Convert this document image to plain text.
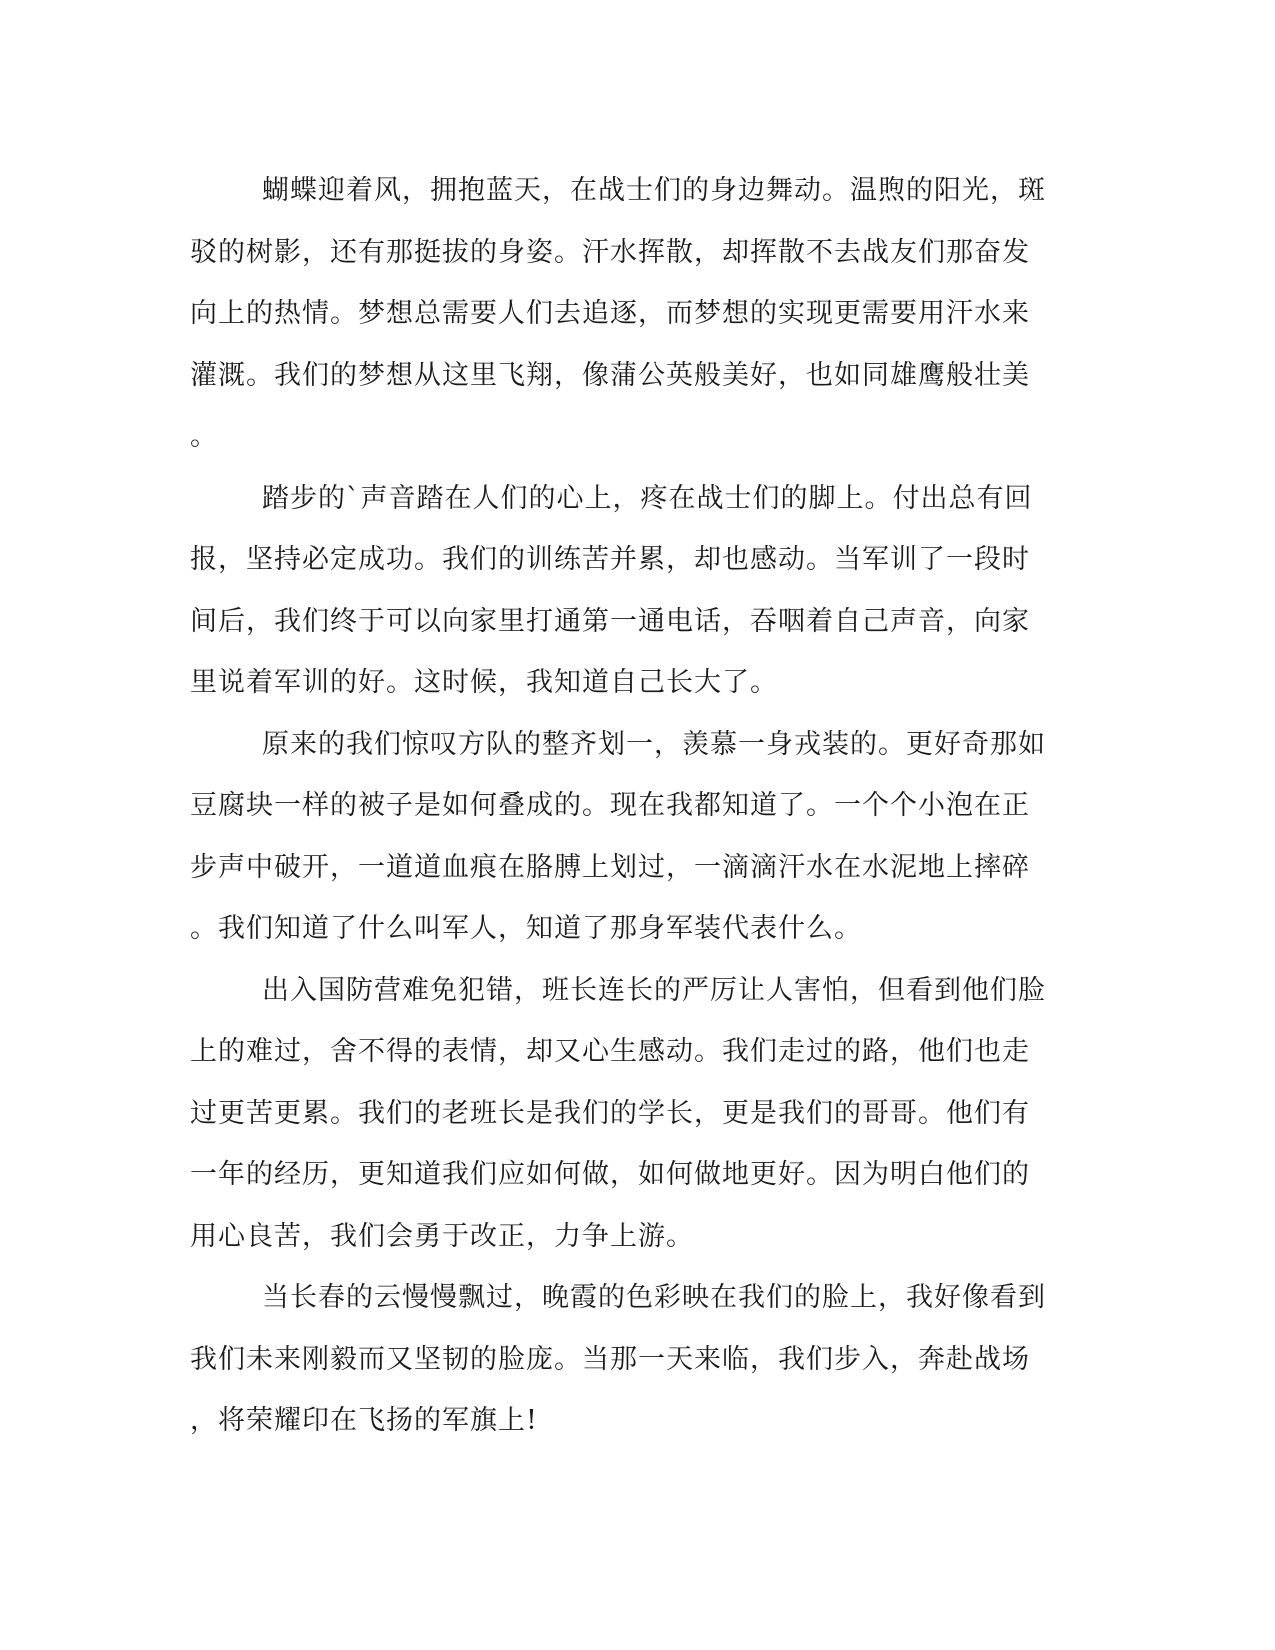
蝴蝶迎着风，拥抱蓝天，在战士们的身边舞动。温煦的阳光，斑
驳的树影，还有那挺拔的身姿。汗水挥散，却挥散不去战友们那奋发
向上的热情。梦想总需要人们去追逐，而梦想的实现更需要用汗水来
灌溉。我们的梦想从这里飞翔，像蒲公英般美好，也如同雄鹰般壮美
。
踏步的`声音踏在人们的心上，疼在战士们的脚上。付出总有回
报，坚持必定成功。我们的训练苦并累，却也感动。当军训了一段时
间后，我们终于可以向家里打通第一通电话，吞咽着自己声音，向家
里说着军训的好。这时候，我知道自己长大了。
原来的我们惊叹方队的整齐划一，羡慕一身戎装的。更好奇那如
豆腐块一样的被子是如何叠成的。现在我都知道了。一个个小泡在正
步声中破开，一道道血痕在胳膊上划过，一滴滴汗水在水泥地上摔碎
。我们知道了什么叫军人，知道了那身军装代表什么。
出入国防营难免犯错，班长连长的严厉让人害怕，但看到他们脸
上的难过，舍不得的表情，却又心生感动。我们走过的路，他们也走
过更苦更累。我们的老班长是我们的学长，更是我们的哥哥。他们有
一年的经历，更知道我们应如何做，如何做地更好。因为明白他们的
用心良苦，我们会勇于改正，力争上游。
当长春的云慢慢飘过，晚霞的色彩映在我们的脸上，我好像看到
我们未来刚毅而又坚韧的脸庞。当那一天来临，我们步入，奔赴战场
，将荣耀印在飞扬的军旗上!
